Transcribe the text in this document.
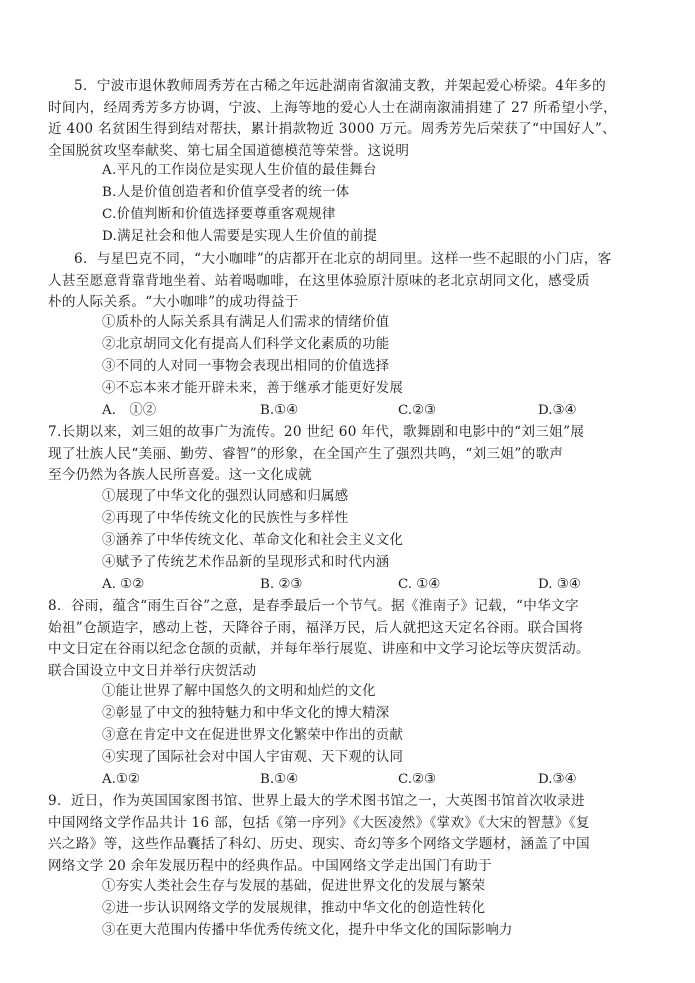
5．宁波市退休教师周秀芳在古稀之年远赴湖南省溆浦支教，并架起爱心桥梁。4年多的
时间内，经周秀芳多方协调，宁波、上海等地的爱心人士在湖南溆浦捐建了 27 所希望小学，
近 400 名贫困生得到结对帮扶，累计捐款物近 3000 万元。周秀芳先后荣获了“中国好人”、
全国脱贫攻坚奉献奖、第七届全国道德模范等荣誉。这说明
A.平凡的工作岗位是实现人生价值的最佳舞台
B.人是价值创造者和价值享受者的统一体
C.价值判断和价值选择要尊重客观规律
D.满足社会和他人需要是实现人生价值的前提
6．与星巴克不同，“大小咖啡”的店都开在北京的胡同里。这样一些不起眼的小门店，客
人甚至愿意背靠背地坐着、站着喝咖啡，在这里体验原汁原味的老北京胡同文化，感受质
朴的人际关系。“大小咖啡”的成功得益于
①质朴的人际关系具有满足人们需求的情绪价值
②北京胡同文化有提高人们科学文化素质的功能
③不同的人对同一事物会表现出相同的价值选择
④不忘本来才能开辟未来，善于继承才能更好发展
A.　①②	B.①④	C.②③	D.③④
7.长期以来，刘三姐的故事广为流传。20 世纪 60 年代，歌舞剧和电影中的“刘三姐”展
现了壮族人民“美丽、勤劳、睿智”的形象，在全国产生了强烈共鸣，“刘三姐”的歌声
至今仍然为各族人民所喜爱。这一文化成就
①展现了中华文化的强烈认同感和归属感
②再现了中华传统文化的民族性与多样性
③涵养了中华传统文化、革命文化和社会主义文化
④赋予了传统艺术作品新的呈现形式和时代内涵
A. ①②	B. ②③	C. ①④	D. ③④
8．谷雨，蕴含“雨生百谷”之意，是春季最后一个节气。据《淮南子》记载，“中华文字
始祖”仓颉造字，感动上苍，天降谷子雨，福泽万民，后人就把这天定名谷雨。联合国将
中文日定在谷雨以纪念仓颉的贡献，并每年举行展览、讲座和中文学习论坛等庆贺活动。
联合国设立中文日并举行庆贺活动
①能让世界了解中国悠久的文明和灿烂的文化
②彰显了中文的独特魅力和中华文化的博大精深
③意在肯定中文在促进世界文化繁荣中作出的贡献
④实现了国际社会对中国人宇宙观、天下观的认同
A.①②	B.①④	C.②③	D.③④
9．近日，作为英国国家图书馆、世界上最大的学术图书馆之一，大英图书馆首次收录进
中国网络文学作品共计 16 部，包括《第一序列》《大医凌然》《掌欢》《大宋的智慧》《复
兴之路》等，这些作品囊括了科幻、历史、现实、奇幻等多个网络文学题材，涵盖了中国
网络文学 20 余年发展历程中的经典作品。中国网络文学走出国门有助于
①夯实人类社会生存与发展的基础，促进世界文化的发展与繁荣
②进一步认识网络文学的发展规律，推动中华文化的创造性转化
③在更大范围内传播中华优秀传统文化，提升中华文化的国际影响力
